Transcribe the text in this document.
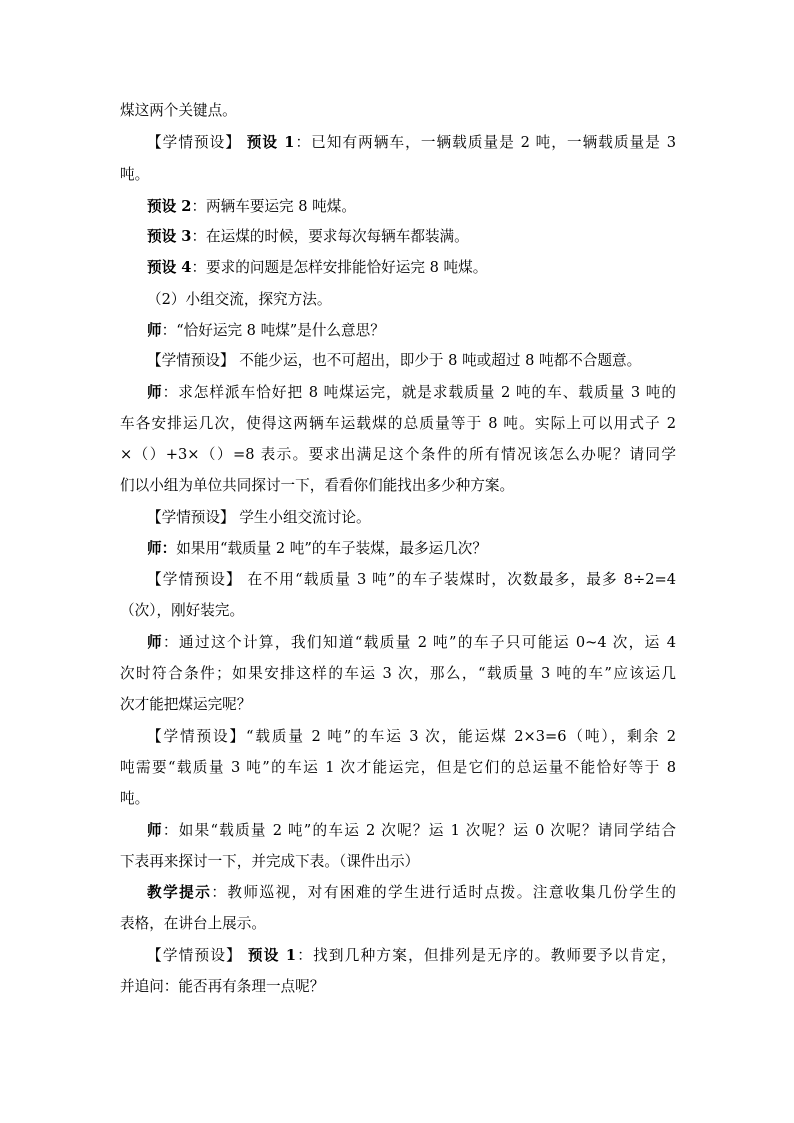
煤这两个关键点。
【学情预设】 预设 1：已知有两辆车，一辆载质量是 2 吨，一辆载质量是 3
吨。
预设 2：两辆车要运完 8 吨煤。
预设 3：在运煤的时候，要求每次每辆车都装满。
预设 4：要求的问题是怎样安排能恰好运完 8 吨煤。
（2）小组交流，探究方法。
师：“恰好运完 8 吨煤”是什么意思？
【学情预设】 不能少运，也不可超出，即少于 8 吨或超过 8 吨都不合题意。
师：求怎样派车恰好把 8 吨煤运完，就是求载质量 2 吨的车、载质量 3 吨的
车各安排运几次，使得这两辆车运载煤的总质量等于 8 吨。实际上可以用式子 2
×（）+3×（）=8 表示。要求出满足这个条件的所有情况该怎么办呢？请同学
们以小组为单位共同探讨一下，看看你们能找出多少种方案。
【学情预设】 学生小组交流讨论。
师：如果用“载质量 2 吨”的车子装煤，最多运几次？
【学情预设】 在不用“载质量 3 吨”的车子装煤时，次数最多，最多 8÷2=4
（次），刚好装完。
师：通过这个计算，我们知道“载质量 2 吨”的车子只可能运 0~4 次，运 4
次时符合条件；如果安排这样的车运 3 次，那么，“载质量 3 吨的车”应该运几
次才能把煤运完呢？
【学情预设】“载质量 2 吨”的车运 3 次，能运煤 2×3=6（吨），剩余 2
吨需要“载质量 3 吨”的车运 1 次才能运完，但是它们的总运量不能恰好等于 8
吨。
师：如果“载质量 2 吨”的车运 2 次呢？运 1 次呢？运 0 次呢？请同学结合
下表再来探讨一下，并完成下表。（课件出示）
教学提示：教师巡视，对有困难的学生进行适时点拨。注意收集几份学生的
表格，在讲台上展示。
【学情预设】 预设 1：找到几种方案，但排列是无序的。教师要予以肯定，
并追问：能否再有条理一点呢？
